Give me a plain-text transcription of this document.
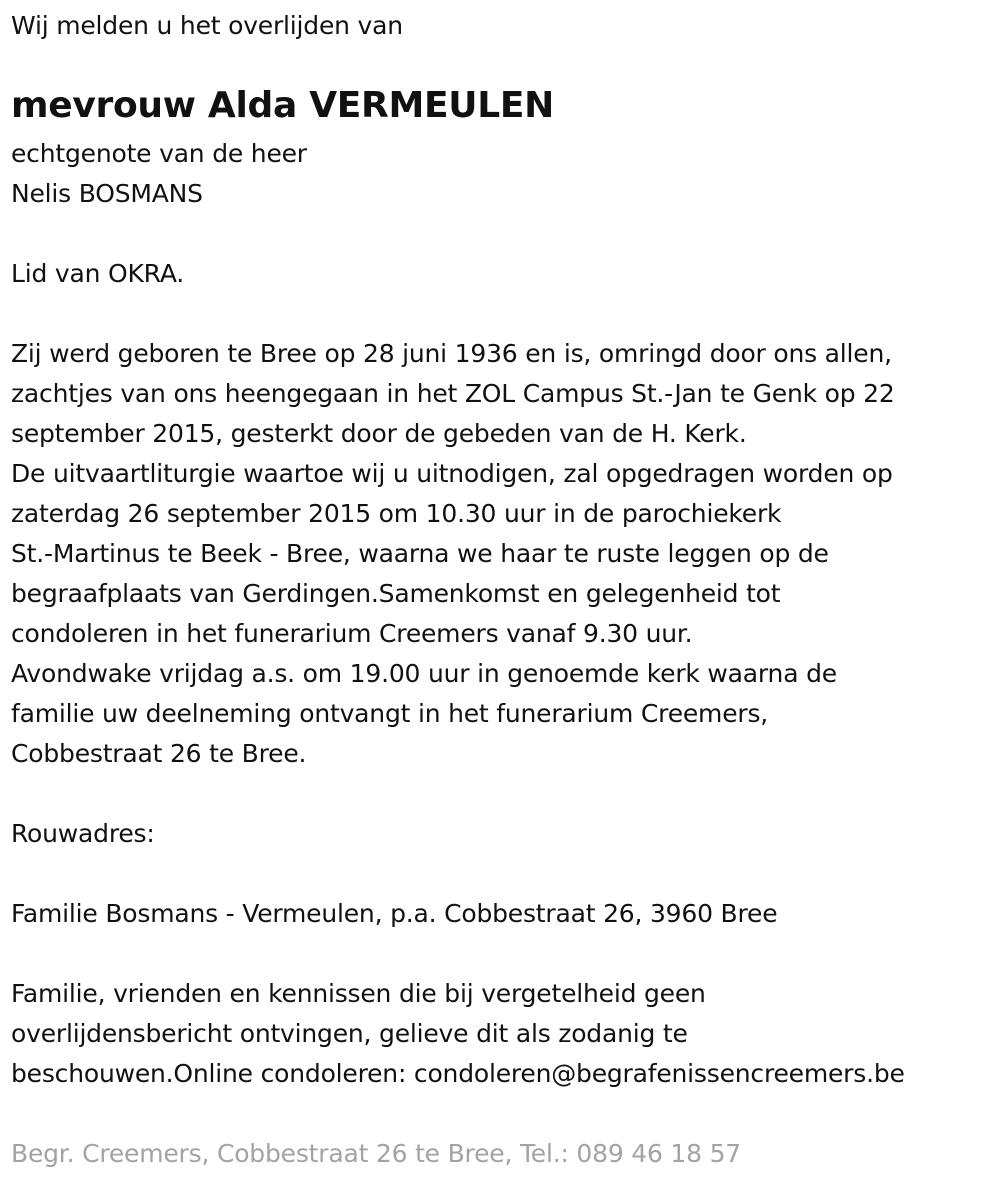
Wij melden u het overlijden van
mevrouw Alda VERMEULEN
echtgenote van de heer
Nelis BOSMANS
Lid van OKRA.
Zij werd geboren te Bree op 28 juni 1936 en is, omringd door ons allen,
zachtjes van ons heengegaan in het ZOL Campus St.-Jan te Genk op 22
september 2015, gesterkt door de gebeden van de H. Kerk.
De uitvaartliturgie waartoe wij u uitnodigen, zal opgedragen worden op
zaterdag 26 september 2015 om 10.30 uur in de parochiekerk
St.-Martinus te Beek - Bree, waarna we haar te ruste leggen op de
begraafplaats van Gerdingen.Samenkomst en gelegenheid tot
condoleren in het funerarium Creemers vanaf 9.30 uur.
Avondwake vrijdag a.s. om 19.00 uur in genoemde kerk waarna de
familie uw deelneming ontvangt in het funerarium Creemers,
Cobbestraat 26 te Bree.
Rouwadres:
Familie Bosmans - Vermeulen, p.a. Cobbestraat 26, 3960 Bree
Familie, vrienden en kennissen die bij vergetelheid geen
overlijdensbericht ontvingen, gelieve dit als zodanig te
beschouwen.Online condoleren: condoleren@begrafenissencreemers.be
Begr. Creemers, Cobbestraat 26 te Bree, Tel.: 089 46 18 57
